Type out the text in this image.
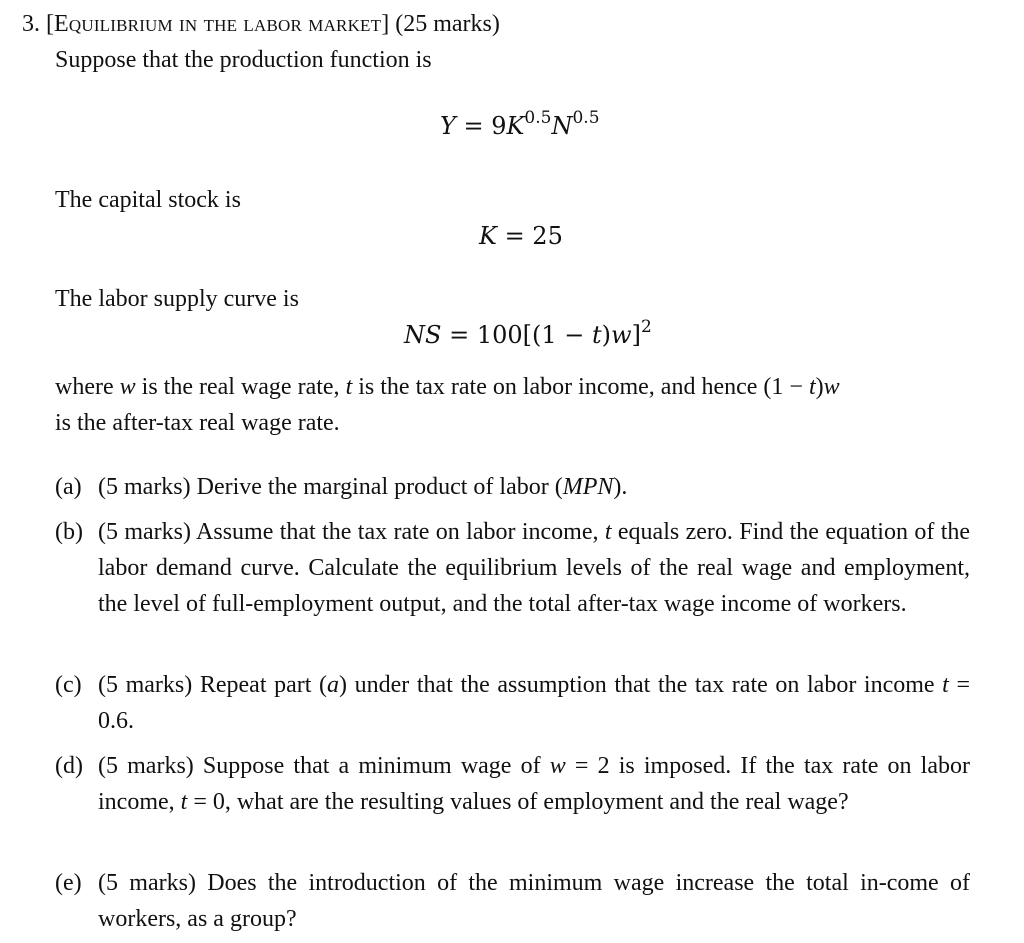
3. [Equilibrium in the labor market] (25 marks)
Suppose that the production function is
$Y = 9K^{0.5}N^{0.5}$
The capital stock is
K = 25
The labor supply curve is
NS = $100[(1 - t)w]^2$
where w is the real wage rate, t is the tax rate on labor income, and hence (1 − t)w
is the after-tax real wage rate.
(a) (5 marks) Derive the marginal product of labor (MPN).
(b) (5 marks) Assume that the tax rate on labor income, t equals zero. Find the equation of the labor demand curve. Calculate the equilibrium levels of the real wage and employment, the level of full-employment output, and the total after-tax wage income of workers.
(c) (5 marks) Repeat part (a) under that the assumption that the tax rate on labor income t = 0.6.
(d) (5 marks) Suppose that a minimum wage of w = 2 is imposed. If the tax rate on labor income, t = 0, what are the resulting values of employment and the real wage?
(e) (5 marks) Does the introduction of the minimum wage increase the total in-come of workers, as a group?
